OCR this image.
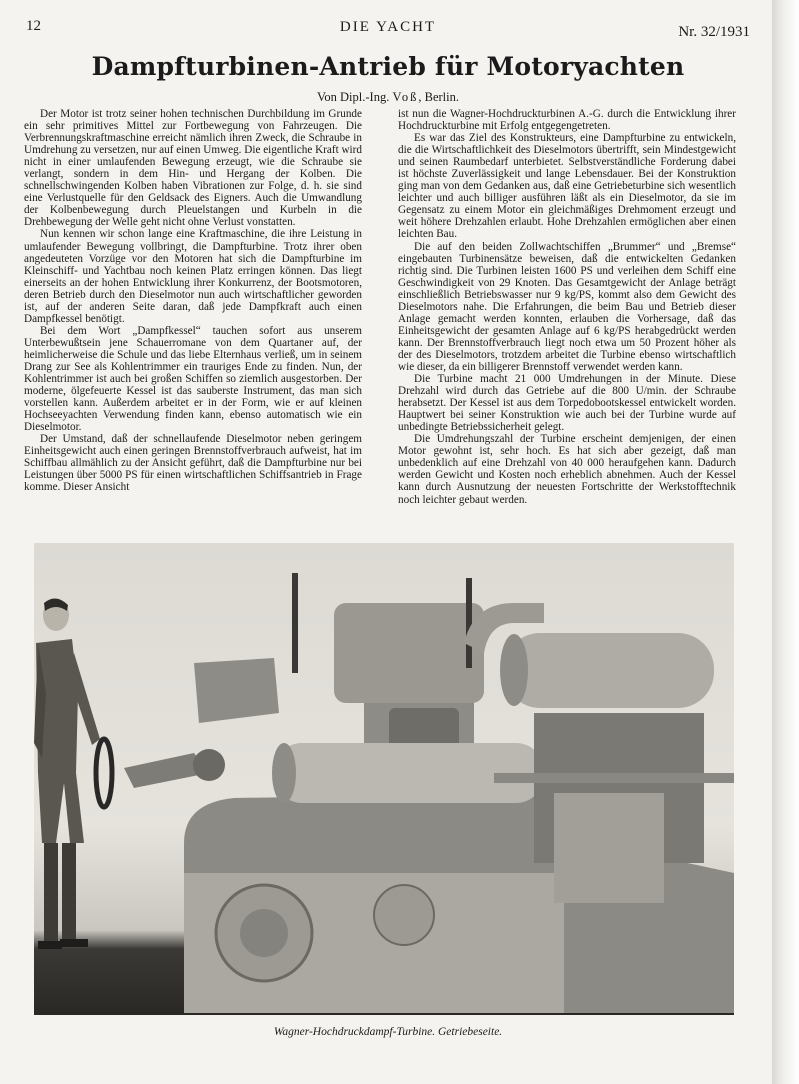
12	DIE YACHT	Nr. 32/1931
Dampfturbinen-Antrieb für Motoryachten
Von Dipl.-Ing. Voß, Berlin.

Der Motor ist trotz seiner hohen technischen Durchbildung im Grunde ein sehr primitives Mittel zur Fortbewegung von Fahrzeugen. Die Verbrennungskraftmaschine erreicht nämlich ihren Zweck, die Schraube in Umdrehung zu versetzen, nur auf einen Umweg. Die eigentliche Kraft wird nicht in einer umlaufenden Bewegung erzeugt, wie die Schraube sie verlangt, sondern in dem Hin- und Hergang der Kolben. Die schnellschwingenden Kolben haben Vibrationen zur Folge, d. h. sie sind eine Verlustquelle für den Geldsack des Eigners. Auch die Umwandlung der Kolbenbewegung durch Pleuelstangen und Kurbeln in die Drehbewegung der Welle geht nicht ohne Verlust vonstatten.

Nun kennen wir schon lange eine Kraftmaschine, die ihre Leistung in umlaufender Bewegung vollbringt, die Dampfturbine. Trotz ihrer oben angedeuteten Vorzüge vor den Motoren hat sich die Dampfturbine im Kleinschiff- und Yachtbau noch keinen Platz erringen können. Das liegt einerseits an der hohen Entwicklung ihrer Konkurrenz, der Bootsmotoren, deren Betrieb durch den Dieselmotor nun auch wirtschaftlicher geworden ist, auf der anderen Seite daran, daß jede Dampfkraft auch einen Dampfkessel benötigt.

Bei dem Wort „Dampfkessel“ tauchen sofort aus unserem Unterbewußtsein jene Schauerromane von dem Quartaner auf, der heimlicherweise die Schule und das liebe Elternhaus verließ, um in seinem Drang zur See als Kohlentrimmer ein trauriges Ende zu finden. Nun, der Kohlentrimmer ist auch bei großen Schiffen so ziemlich ausgestorben. Der moderne, ölgefeuerte Kessel ist das sauberste Instrument, das man sich vorstellen kann. Außerdem arbeitet er in der Form, wie er auf kleinen Hochseeyachten Verwendung finden kann, ebenso automatisch wie ein Dieselmotor.

Der Umstand, daß der schnellaufende Dieselmotor neben geringem Einheitsgewicht auch einen geringen Brennstoffverbrauch aufweist, hat im Schiffbau allmählich zu der Ansicht geführt, daß die Dampfturbine nur bei Leistungen über 5000 PS für einen wirtschaftlichen Schiffsantrieb in Frage komme. Dieser Ansicht

ist nun die Wagner-Hochdruckturbinen A.-G. durch die Entwicklung ihrer Hochdruckturbine mit Erfolg entgegengetreten.

Es war das Ziel des Konstrukteurs, eine Dampfturbine zu entwickeln, die die Wirtschaftlichkeit des Dieselmotors übertrifft, sein Mindestgewicht und seinen Raumbedarf unterbietet. Selbstverständliche Forderung dabei ist höchste Zuverlässigkeit und lange Lebensdauer. Bei der Konstruktion ging man von dem Gedanken aus, daß eine Getriebeturbine sich wesentlich leichter und auch billiger ausführen läßt als ein Dieselmotor, da sie im Gegensatz zu einem Motor ein gleichmäßiges Drehmoment erzeugt und weit höhere Drehzahlen erlaubt. Hohe Drehzahlen ermöglichen aber einen leichten Bau.

Die auf den beiden Zollwachtschiffen „Brummer“ und „Bremse“ eingebauten Turbinensätze beweisen, daß die entwickelten Gedanken richtig sind. Die Turbinen leisten 1600 PS und verleihen dem Schiff eine Geschwindigkeit von 29 Knoten. Das Gesamtgewicht der Anlage beträgt einschließlich Betriebswasser nur 9 kg/PS, kommt also dem Gewicht des Dieselmotors nahe. Die Erfahrungen, die beim Bau und Betrieb dieser Anlage gemacht werden konnten, erlauben die Vorhersage, daß das Einheitsgewicht der gesamten Anlage auf 6 kg/PS herabgedrückt werden kann. Der Brennstoffverbrauch liegt noch etwa um 50 Prozent höher als der des Dieselmotors, trotzdem arbeitet die Turbine ebenso wirtschaftlich wie dieser, da ein billigerer Brennstoff verwendet werden kann.

Die Turbine macht 21 000 Umdrehungen in der Minute. Diese Drehzahl wird durch das Getriebe auf die 800 U/min. der Schraube herabsetzt. Der Kessel ist aus dem Torpedobootskessel entwickelt worden. Hauptwert bei seiner Konstruktion wie auch bei der Turbine wurde auf unbedingte Betriebssicherheit gelegt.

Die Umdrehungszahl der Turbine erscheint demjenigen, der einen Motor gewohnt ist, sehr hoch. Es hat sich aber gezeigt, daß man unbedenklich auf eine Drehzahl von 40 000 heraufgehen kann. Dadurch werden Gewicht und Kosten noch erheblich abnehmen. Auch der Kessel kann durch Ausnutzung der neuesten Fortschritte der Werkstofftechnik noch leichter gebaut werden.

Wagner-Hochdruckdampf-Turbine. Getriebeseite.
